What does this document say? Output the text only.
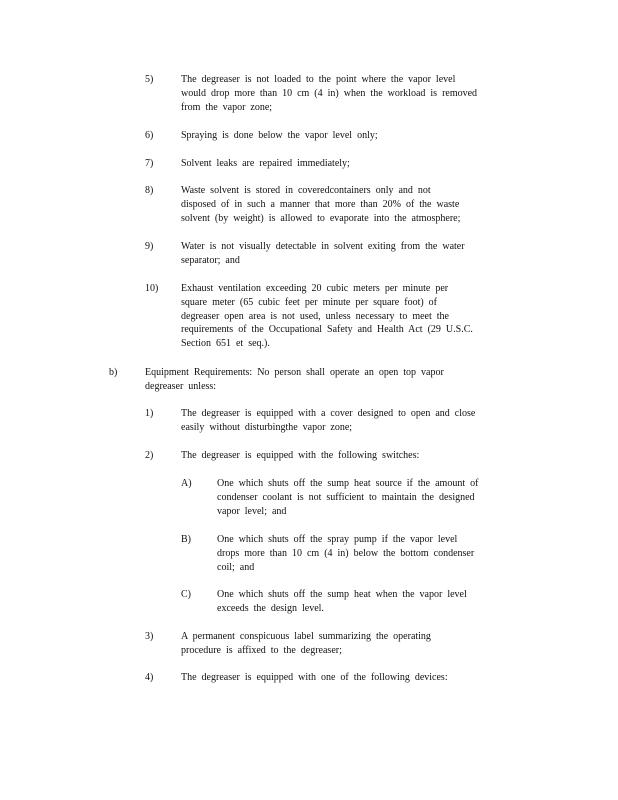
5)	The degreaser is not loaded to the point where the vapor level
would drop more than 10 cm (4 in) when the workload is removed
from the vapor zone;
6)	Spraying is done below the vapor level only;
7)	Solvent leaks are repaired immediately;
8)	Waste solvent is stored in coveredcontainers only and not
disposed of in such a manner that more than 20% of the waste
solvent (by weight) is allowed to evaporate into the atmosphere;
9)	Water is not visually detectable in solvent exiting from the water
separator; and
10) Exhaust ventilation exceeding 20 cubic meters per minute per
square meter (65 cubic feet per minute per square foot) of
degreaser open area is not used, unless necessary to meet the
requirements of the Occupational Safety and Health Act (29 U.S.C.
Section 651 et seq.).
b)	Equipment Requirements: No person shall operate an open top vapor
degreaser unless:
1)	The degreaser is equipped with a cover designed to open and close
easily without disturbingthe vapor zone;
2)	The degreaser is equipped with the following switches:
A)	One which shuts off the sump heat source if the amount of
condenser coolant is not sufficient to maintain the designed
vapor level; and
B)	One which shuts off the spray pump if the vapor level
drops more than 10 cm (4 in) below the bottom condenser
coil; and
C)	One which shuts off the sump heat when the vapor level
exceeds the design level.
3)	A permanent conspicuous label summarizing the operating
procedure is affixed to the degreaser;
4)	The degreaser is equipped with one of the following devices:
